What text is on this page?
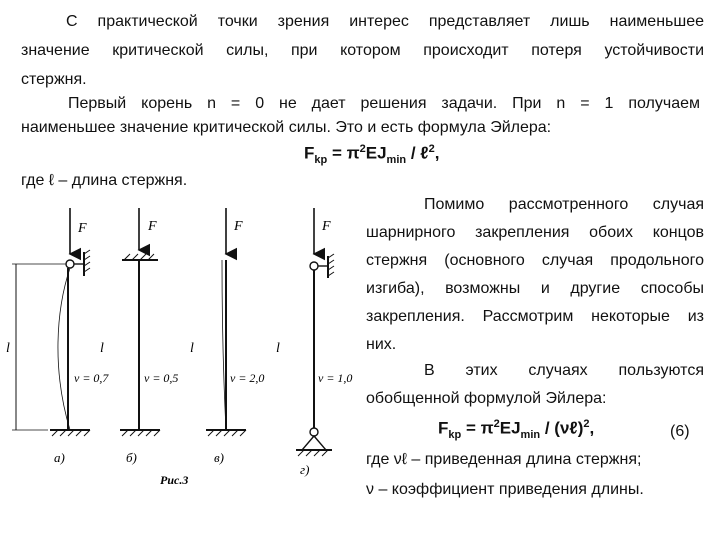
С практической точки зрения интерес представляет лишь наименьшее
значение критической силы, при котором происходит потеря устойчивости
стержня.
Первый корень n = 0 не дает решения задачи. При n = 1 получаем
наименьшее значение критической силы. Это и есть формула Эйлера:
$F_{kp} = \pi^2EJ_{min}$ / ℓ$^2$,
где ℓ – длина стержня.
Помимо рассмотренного случая
шарнирного закрепления обоих концов
стержня (основного случая продольного
изгиба), возможны и другие способы
закрепления. Рассмотрим некоторые из
них.
В этих случаях пользуются
обобщенной формулой Эйлера:
$F_{kp} = \pi^2EJ_{min}$ / (νℓ)$^2$,	(6)
где νℓ – приведенная длина стержня;
ν – коэффициент приведения длины.
F
l
ν = 0,7
а)
F
l
ν = 0,5
б)
F
l
ν = 2,0
в)
F
l
ν = 1,0
г)
Рис.3
